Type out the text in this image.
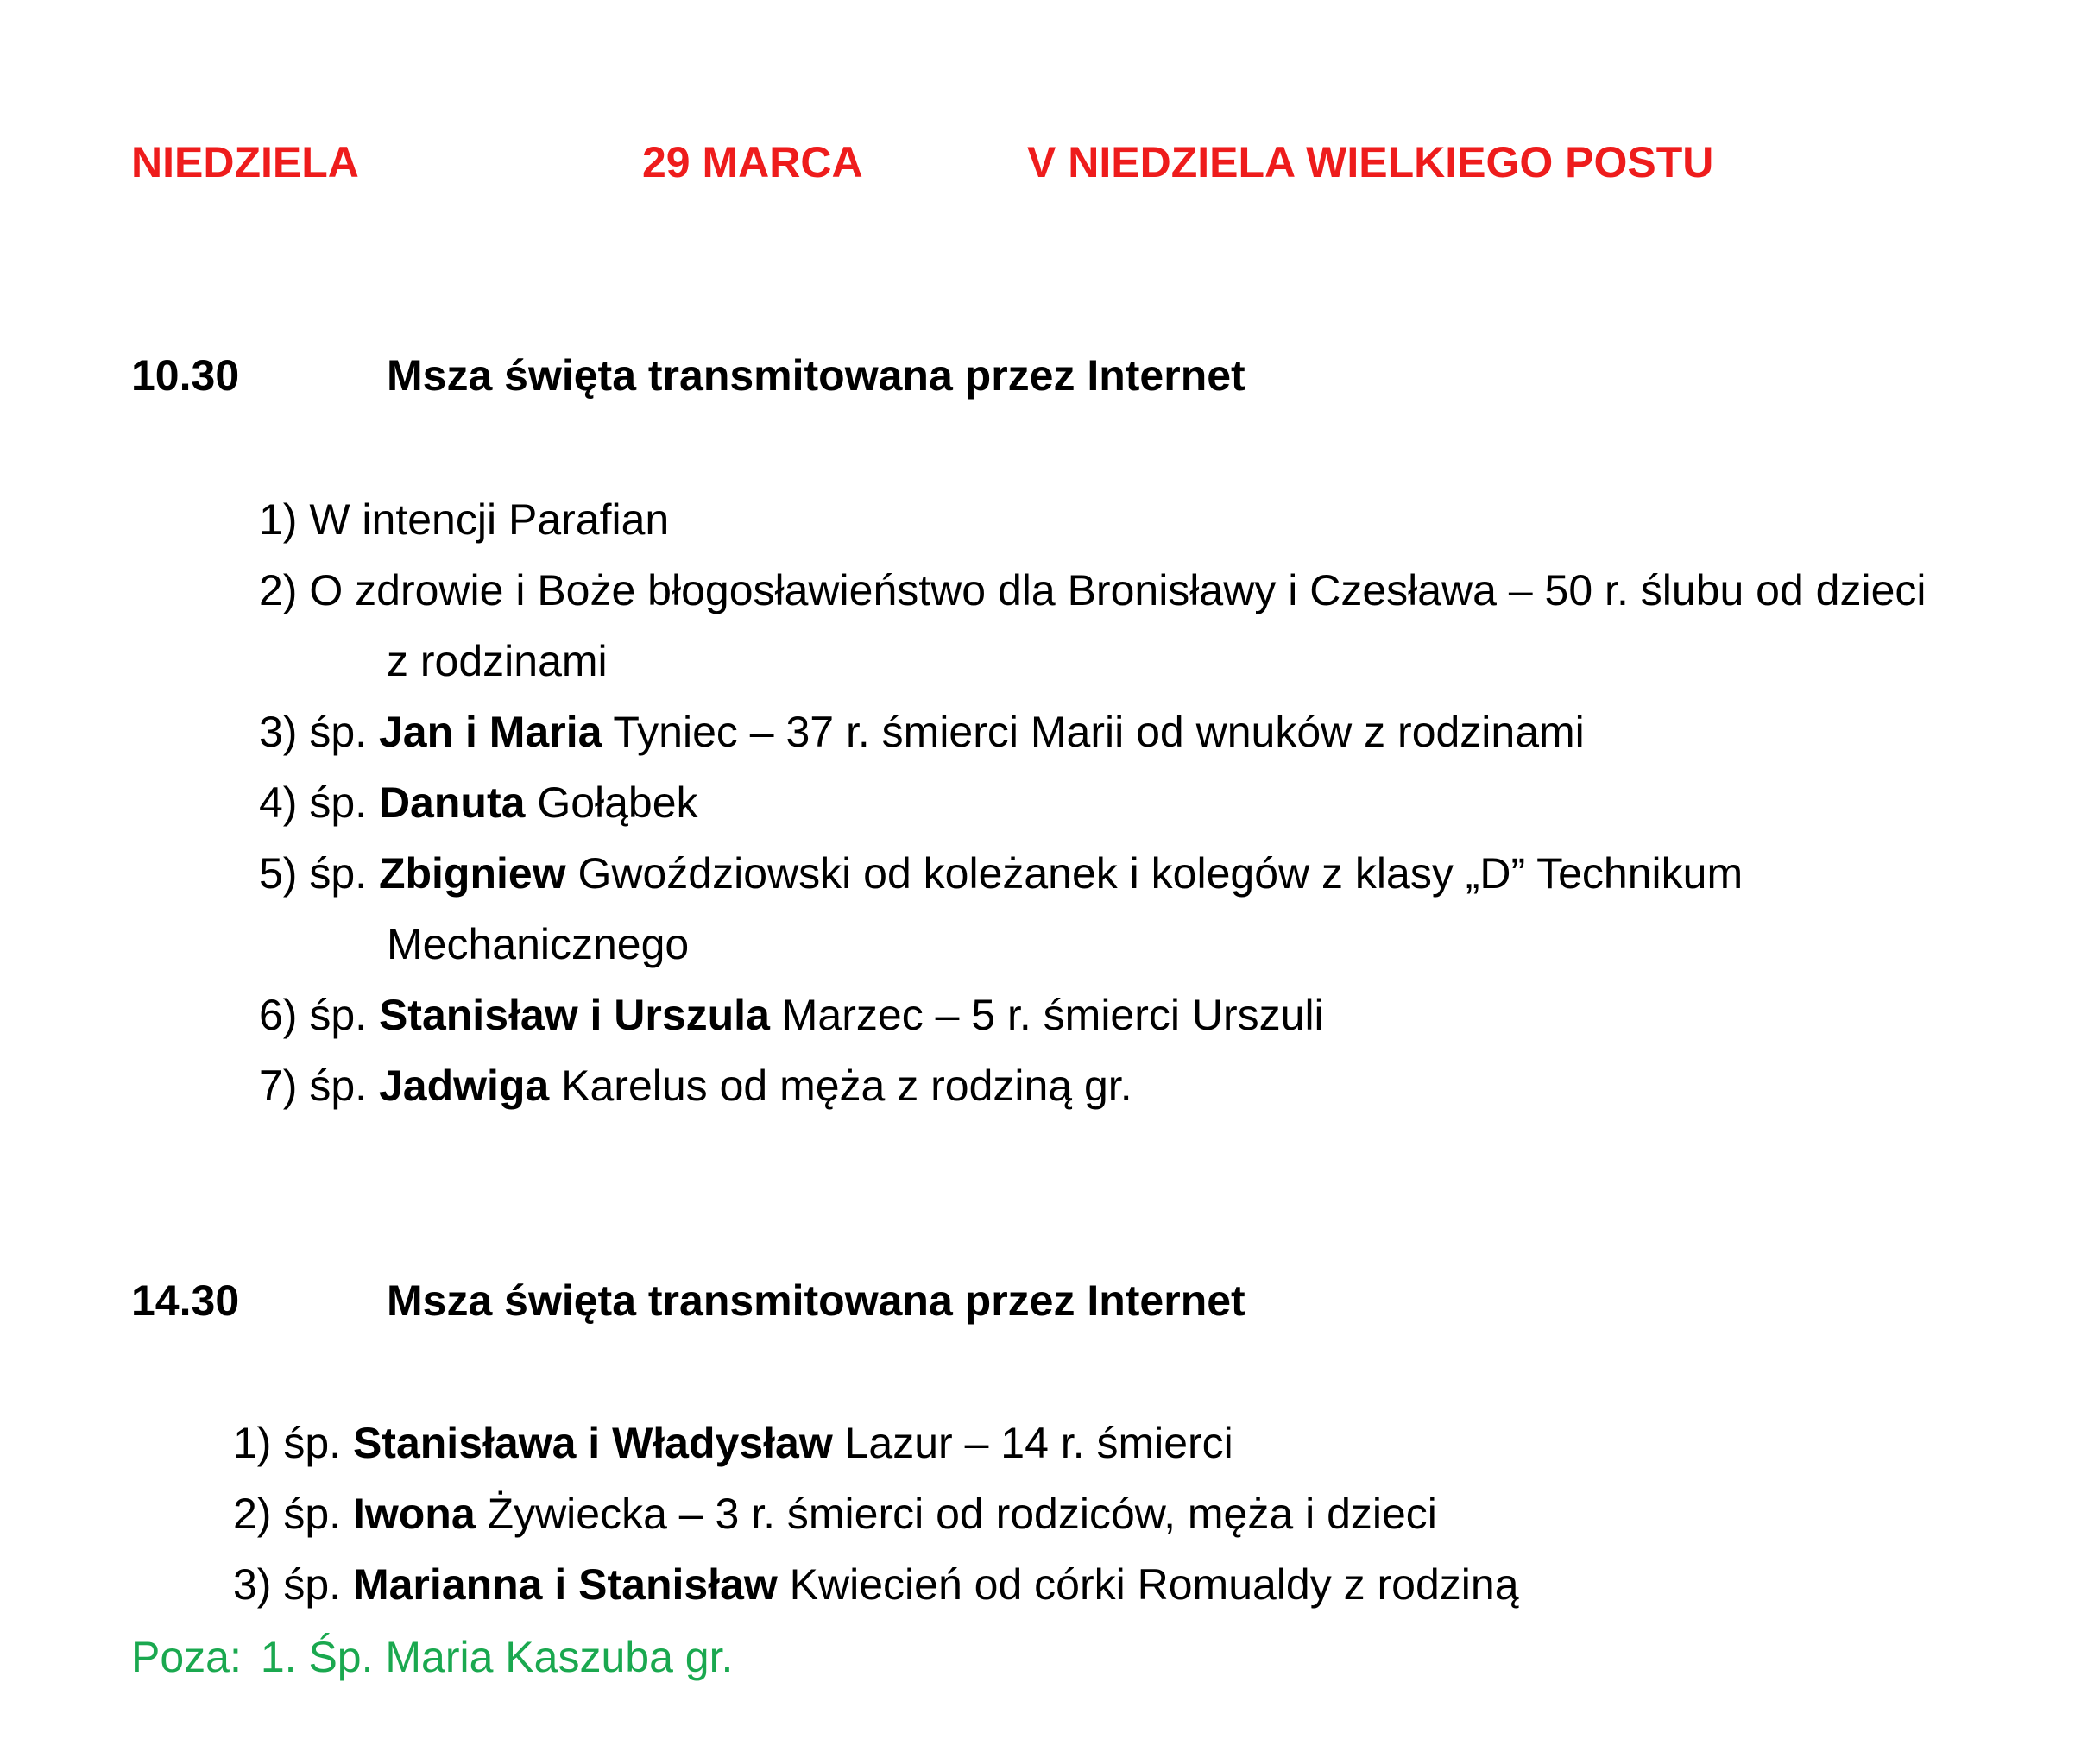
NIEDZIELA	29 MARCA	V NIEDZIELA WIELKIEGO POSTU
10.30	Msza święta transmitowana przez Internet
1) W intencji Parafian
2) O zdrowie i Boże błogosławieństwo dla Bronisławy i Czesława – 50 r. ślubu od dzieci
z rodzinami
3) śp. Jan i Maria Tyniec – 37 r. śmierci Marii od wnuków z rodzinami
4) śp. Danuta Gołąbek
5) śp. Zbigniew Gwoździowski od koleżanek i kolegów z klasy „D” Technikum
Mechanicznego
6) śp. Stanisław i Urszula Marzec – 5 r. śmierci Urszuli
7) śp. Jadwiga Karelus od męża z rodziną gr.
14.30	Msza święta transmitowana przez Internet
1) śp. Stanisława i Władysław Lazur – 14 r. śmierci
2) śp. Iwona Żywiecka – 3 r. śmierci od rodziców, męża i dzieci
3) śp. Marianna i Stanisław Kwiecień od córki Romualdy z rodziną
Poza: 1. Śp. Maria Kaszuba gr.
